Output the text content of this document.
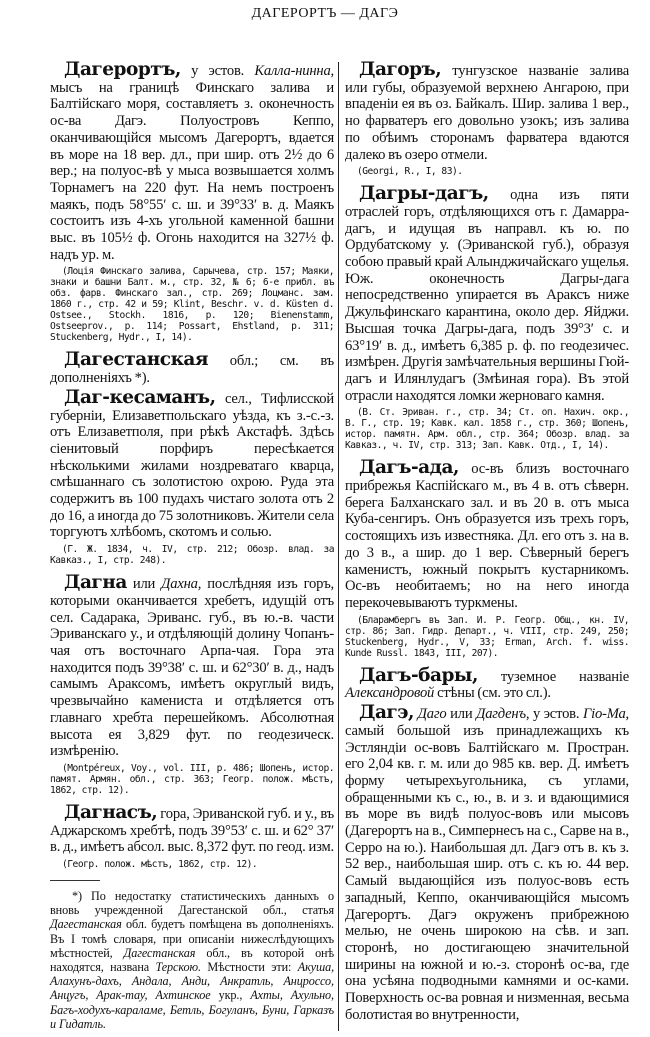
ДАГЕРОРТЪ — ДАГЭ

Дагерортъ, у эстов. Калла-нинна, мысъ на границѣ Финскаго залива и Балтійскаго моря, составляетъ з. оконечность ос-ва Дагэ. Полуостровъ Кеппо, оканчивающійся мысомъ Дагерортъ, вдается въ море на 18 вер. дл., при шир. отъ 2½ до 6 вер.; на полуос-вѣ у мыса возвышается холмъ Торнамегъ на 220 фут. На немъ построенъ маякъ, подъ 58°55′ с. ш. и 39°33′ в. д. Маякъ состоитъ изъ 4-хъ угольной каменной башни выс. въ 105½ ф. Огонь находится на 327½ ф. надъ ур. м.

(Лоція Финскаго залива, Сарычева, стр. 157; Маяки, знаки и башни Балт. м., стр. 32, № 6; 6-е прибл. въ обз. фарв. Финскаго зал., стр. 269; Лоцманс. зам. 1860 г., стр. 42 и 59; Klint, Beschr. v. d. Küsten d. Ostsee., Stockh. 1816, p. 120; Bienenstamm, Ostseeprov., p. 114; Possart, Ehstland, p. 311; Stuckenberg, Hydr., I, 14).

Дагестанская обл.; см. въ дополненіяхъ *).

Даг-кесаманъ, сел., Тифлисской губерніи, Елизаветпольскаго уѣзда, къ з.-с.-з. отъ Елизаветполя, при рѣкѣ Акстафѣ. Здѣсь сіенитовый порфиръ пересѣкается нѣсколькими жилами ноздреватаго кварца, смѣшаннаго съ золотистою охрою. Руда эта содержитъ въ 100 пудахъ чистаго золота отъ 2 до 16, а иногда до 75 золотниковъ. Жители села торгуютъ хлѣбомъ, скотомъ и солью.

(Г. Ж. 1834, ч. IV, стр. 212; Обозр. влад. за Кавказ., I, стр. 248).

Дагна или Дахна, послѣдняя изъ горъ, которыми оканчивается хребетъ, идущій отъ сел. Садарака, Эриванс. губ., въ ю.-в. части Эриванскаго у., и отдѣляющій долину Чопанъ-чая отъ восточнаго Арпа-чая. Гора эта находится подъ 39°38′ с. ш. и 62°30′ в. д., надъ самымъ Араксомъ, имѣетъ округлый видъ, чрезвычайно камениста и отдѣляется отъ главнаго хребта перешейкомъ. Абсолютная высота ея 3,829 фут. по геодезическ. измѣренію.

(Montpéreux, Voy., vol. III, p. 486; Шопенъ, истор. памят. Армян. обл., стр. 363; Геогр. полож. мѣстъ, 1862, стр. 12).

Дагнасъ, гора, Эриванской губ. и у., въ Аджарскомъ хребтѣ, подъ 39°53′ с. ш. и 62° 37′ в. д., имѣетъ абсол. выс. 8,372 фут. по геод. изм.

(Геогр. полож. мѣстъ, 1862, стр. 12).

*) По недостатку статистическихъ данныхъ о вновь учрежденной Дагестанской обл., статья Дагестанская обл. будетъ помѣщена въ дополненіяхъ. Въ I томѣ словаря, при описаніи нижеслѣдующихъ мѣстностей, Дагестанская обл., въ которой онѣ находятся, названа Терскою. Мѣстности эти: Акуша, Алахунъ-дахъ, Андала, Анди, Анкратль, Анцроссо, Анцугъ, Арак-тау, Ахтинское укр., Ахты, Ахульно, Багъ-ходухъ-караламе, Бетль, Богуланъ, Буни, Гарказъ и Гидатль.

Дагоръ, тунгузское названіе залива или губы, образуемой верхнею Ангарою, при впаденіи ея въ оз. Байкалъ. Шир. залива 1 вер., но фарватеръ его довольно узокъ; изъ залива по обѣимъ сторонамъ фарватера вдаются далеко въ озеро отмели.

(Georgi, R., I, 83).

Дагры-дагъ, одна изъ пяти отраслей горъ, отдѣляющихся отъ г. Дамарра-дагъ, и идущая въ направл. къ ю. по Ордубатскому у. (Эриванской губ.), образуя собою правый край Алынджичайскаго ущелья. Юж. оконечность Дагры-дага непосредственно упирается въ Араксъ ниже Джульфинскаго карантина, около дер. Яйджи. Высшая точка Дагры-дага, подъ 39°3′ с. и 63°19′ в. д., имѣетъ 6,385 р. ф. по геодезичес. измѣрен. Другія замѣчательныя вершины Гюй-дагъ и Илянлудагъ (Змѣиная гора). Въ этой отрасли находятся ломки жерноваго камня.

(В. Ст. Эриван. г., стр. 34; Ст. оп. Нахич. окр., В. Г., стр. 19; Кавк. кал. 1858 г., стр. 360; Шопенъ, истор. памятн. Арм. обл., стр. 364; Обозр. влад. за Кавказ., ч. IV, стр. 313; Зап. Кавк. Отд., I, 14).

Дагъ-ада, ос-въ близъ восточнаго прибрежья Каспійскаго м., въ 4 в. отъ сѣверн. берега Балханскаго зал. и въ 20 в. отъ мыса Куба-сенгиръ. Онъ образуется изъ трехъ горъ, состоящихъ изъ известняка. Дл. его отъ з. на в. до 3 в., а шир. до 1 вер. Сѣверный берегъ каменистъ, южный покрытъ кустарникомъ. Ос-въ необитаемъ; но на него иногда перекочевываютъ туркмены.

(Бларамбергъ въ Зап. И. Р. Геогр. Общ., кн. IV, стр. 86; Зап. Гидр. Департ., ч. VIII, стр. 249, 250; Stuckenberg, Hydr., V, 33; Erman, Arch. f. wiss. Kunde Russl. 1843, III, 207).

Дагъ-бары, туземное названіе Александровой стѣны (см. это сл.).

Дагэ, Даго или Дагденъ, у эстов. Гіо-Ма, самый большой изъ принадлежащихъ къ Эстляндіи ос-вовъ Балтійскаго м. Простран. его 2,04 кв. г. м. или до 985 кв. вер. Д. имѣетъ форму четырехъугольника, съ углами, обращенными къ с., ю., в. и з. и вдающимися въ море въ видѣ полуос-вовъ или мысовъ (Дагерортъ на в., Симпернесъ на с., Сарве на в., Серро на ю.). Наибольшая дл. Дагэ отъ в. къ з. 52 вер., наибольшая шир. отъ с. къ ю. 44 вер. Самый выдающійся изъ полуос-вовъ есть западный, Кеппо, оканчивающійся мысомъ Дагерортъ. Дагэ окруженъ прибрежною мелью, не очень широкою на сѣв. и зап. сторонѣ, но достигающею значительной ширины на южной и ю.-з. сторонѣ ос-ва, где она усѣяна подводными камнями и ос-ками. Поверхность ос-ва ровная и низменная, весьма болотистая во внутренности,
